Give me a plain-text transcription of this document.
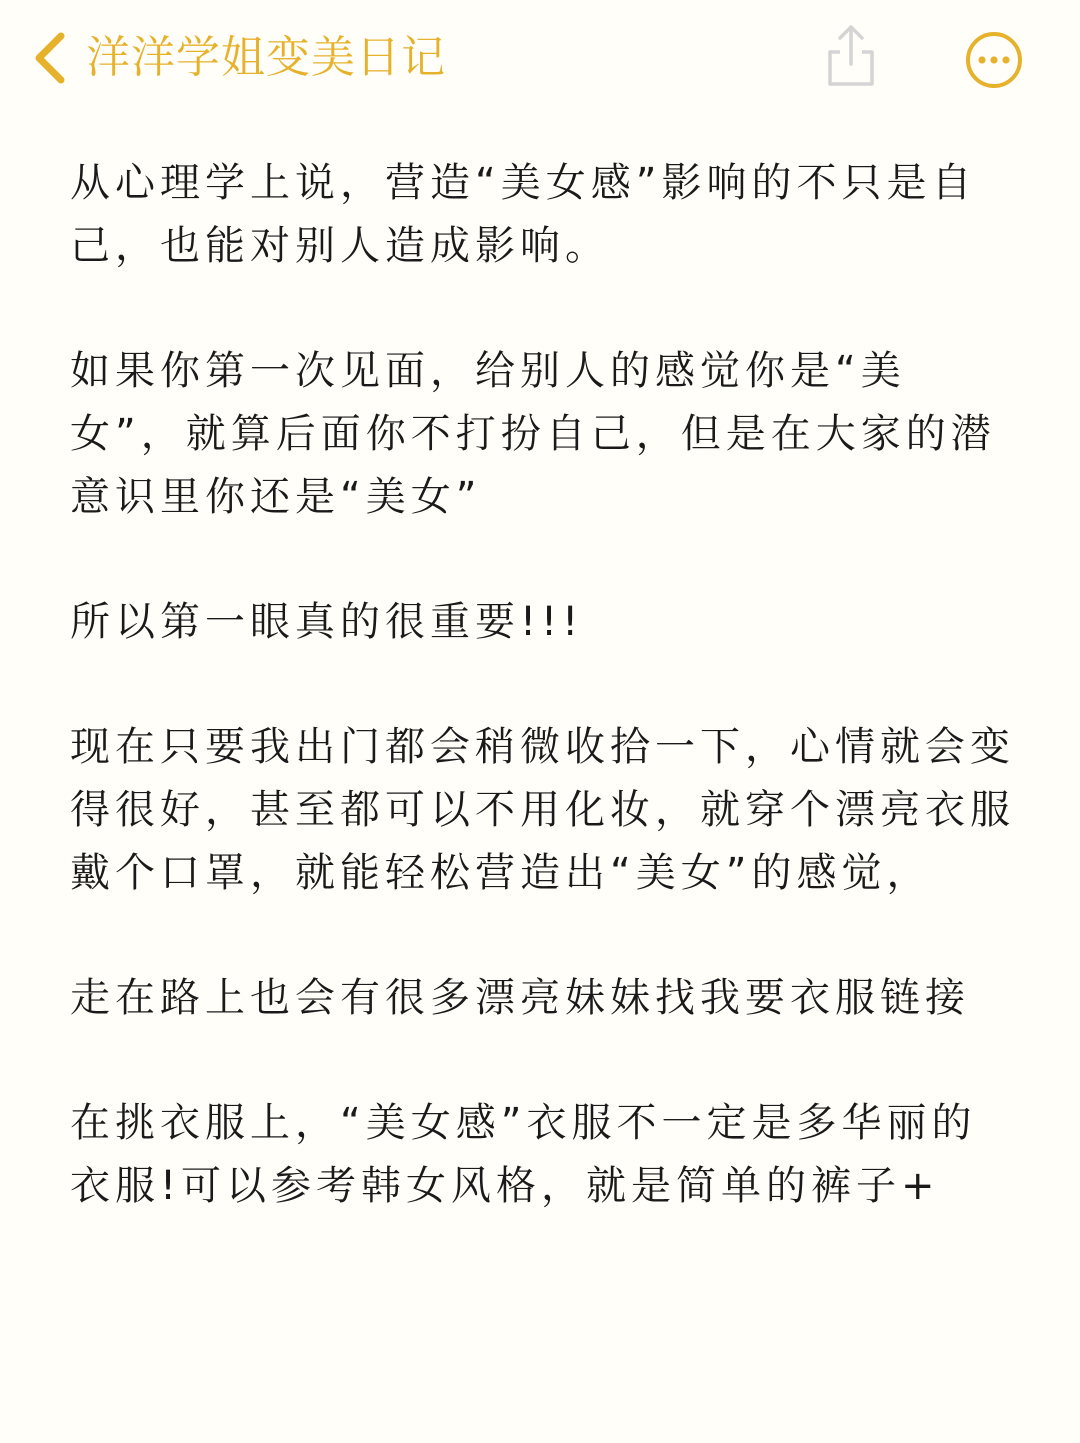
洋洋学姐变美日记

从心理学上说，营造“美女感”影响的不只是自己，也能对别人造成影响。

如果你第一次见面，给别人的感觉你是“美女”，就算后面你不打扮自己，但是在大家的潜意识里你还是“美女”

所以第一眼真的很重要!!!

现在只要我出门都会稍微收拾一下，心情就会变得很好，甚至都可以不用化妆，就穿个漂亮衣服戴个口罩，就能轻松营造出“美女”的感觉，

走在路上也会有很多漂亮妹妹找我要衣服链接

在挑衣服上，“美女感”衣服不一定是多华丽的衣服!可以参考韩女风格，就是简单的裤子+
